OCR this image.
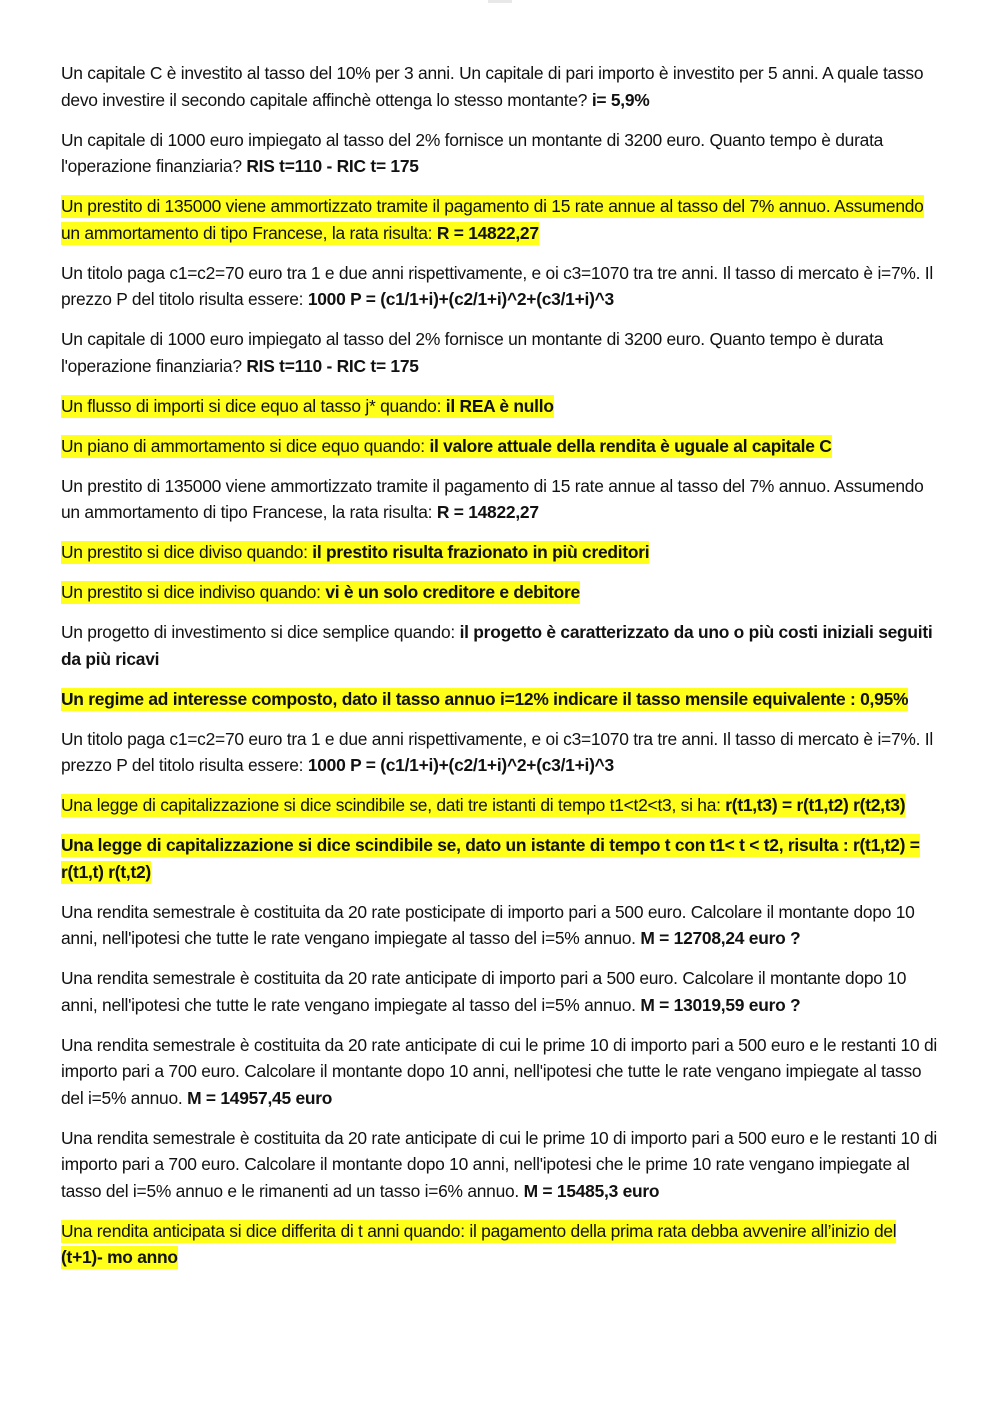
Un capitale C è investito al tasso del 10% per 3 anni. Un capitale di pari importo è investito per 5 anni. A quale tasso devo investire il secondo capitale affinchè ottenga lo stesso montante? i= 5,9%

Un capitale di 1000 euro impiegato al tasso del 2% fornisce un montante di 3200 euro. Quanto tempo è durata l'operazione finanziaria? RIS t=110 - RIC t= 175

Un prestito di 135000 viene ammortizzato tramite il pagamento di 15 rate annue al tasso del 7% annuo. Assumendo un ammortamento di tipo Francese, la rata risulta: R = 14822,27

Un titolo paga c1=c2=70 euro tra 1 e due anni rispettivamente, e oi c3=1070 tra tre anni. Il tasso di mercato è i=7%. Il prezzo P del titolo risulta essere: 1000 P = (c1/1+i)+(c2/1+i)^2+(c3/1+i)^3

Un capitale di 1000 euro impiegato al tasso del 2% fornisce un montante di 3200 euro. Quanto tempo è durata l'operazione finanziaria? RIS t=110 - RIC t= 175

Un flusso di importi si dice equo al tasso j* quando: il REA è nullo

Un piano di ammortamento si dice equo quando: il valore attuale della rendita è uguale al capitale C

Un prestito di 135000 viene ammortizzato tramite il pagamento di 15 rate annue al tasso del 7% annuo. Assumendo un ammortamento di tipo Francese, la rata risulta: R = 14822,27

Un prestito si dice diviso quando: il prestito risulta frazionato in più creditori

Un prestito si dice indiviso quando: vi è un solo creditore e debitore

Un progetto di investimento si dice semplice quando: il progetto è caratterizzato da uno o più costi iniziali seguiti da più ricavi

Un regime ad interesse composto, dato il tasso annuo i=12% indicare il tasso mensile equivalente : 0,95%

Un titolo paga c1=c2=70 euro tra 1 e due anni rispettivamente, e oi c3=1070 tra tre anni. Il tasso di mercato è i=7%. Il prezzo P del titolo risulta essere: 1000 P = (c1/1+i)+(c2/1+i)^2+(c3/1+i)^3

Una legge di capitalizzazione si dice scindibile se, dati tre istanti di tempo t1<t2<t3, si ha: r(t1,t3) = r(t1,t2) r(t2,t3)

Una legge di capitalizzazione si dice scindibile se, dato un istante di tempo t con t1< t < t2, risulta : r(t1,t2) = r(t1,t) r(t,t2)

Una rendita semestrale è costituita da 20 rate posticipate di importo pari a 500 euro. Calcolare il montante dopo 10 anni, nell'ipotesi che tutte le rate vengano impiegate al tasso del i=5% annuo. M = 12708,24 euro ?

Una rendita semestrale è costituita da 20 rate anticipate di importo pari a 500 euro. Calcolare il montante dopo 10 anni, nell'ipotesi che tutte le rate vengano impiegate al tasso del i=5% annuo. M = 13019,59 euro ?

Una rendita semestrale è costituita da 20 rate anticipate di cui le prime 10 di importo pari a 500 euro e le restanti 10 di importo pari a 700 euro. Calcolare il montante dopo 10 anni, nell'ipotesi che tutte le rate vengano impiegate al tasso del i=5% annuo. M = 14957,45 euro

Una rendita semestrale è costituita da 20 rate anticipate di cui le prime 10 di importo pari a 500 euro e le restanti 10 di importo pari a 700 euro. Calcolare il montante dopo 10 anni, nell'ipotesi che le prime 10 rate vengano impiegate al tasso del i=5% annuo e le rimanenti ad un tasso i=6% annuo. M = 15485,3 euro

Una rendita anticipata si dice differita di t anni quando: il pagamento della prima rata debba avvenire all’inizio del (t+1)- mo anno
